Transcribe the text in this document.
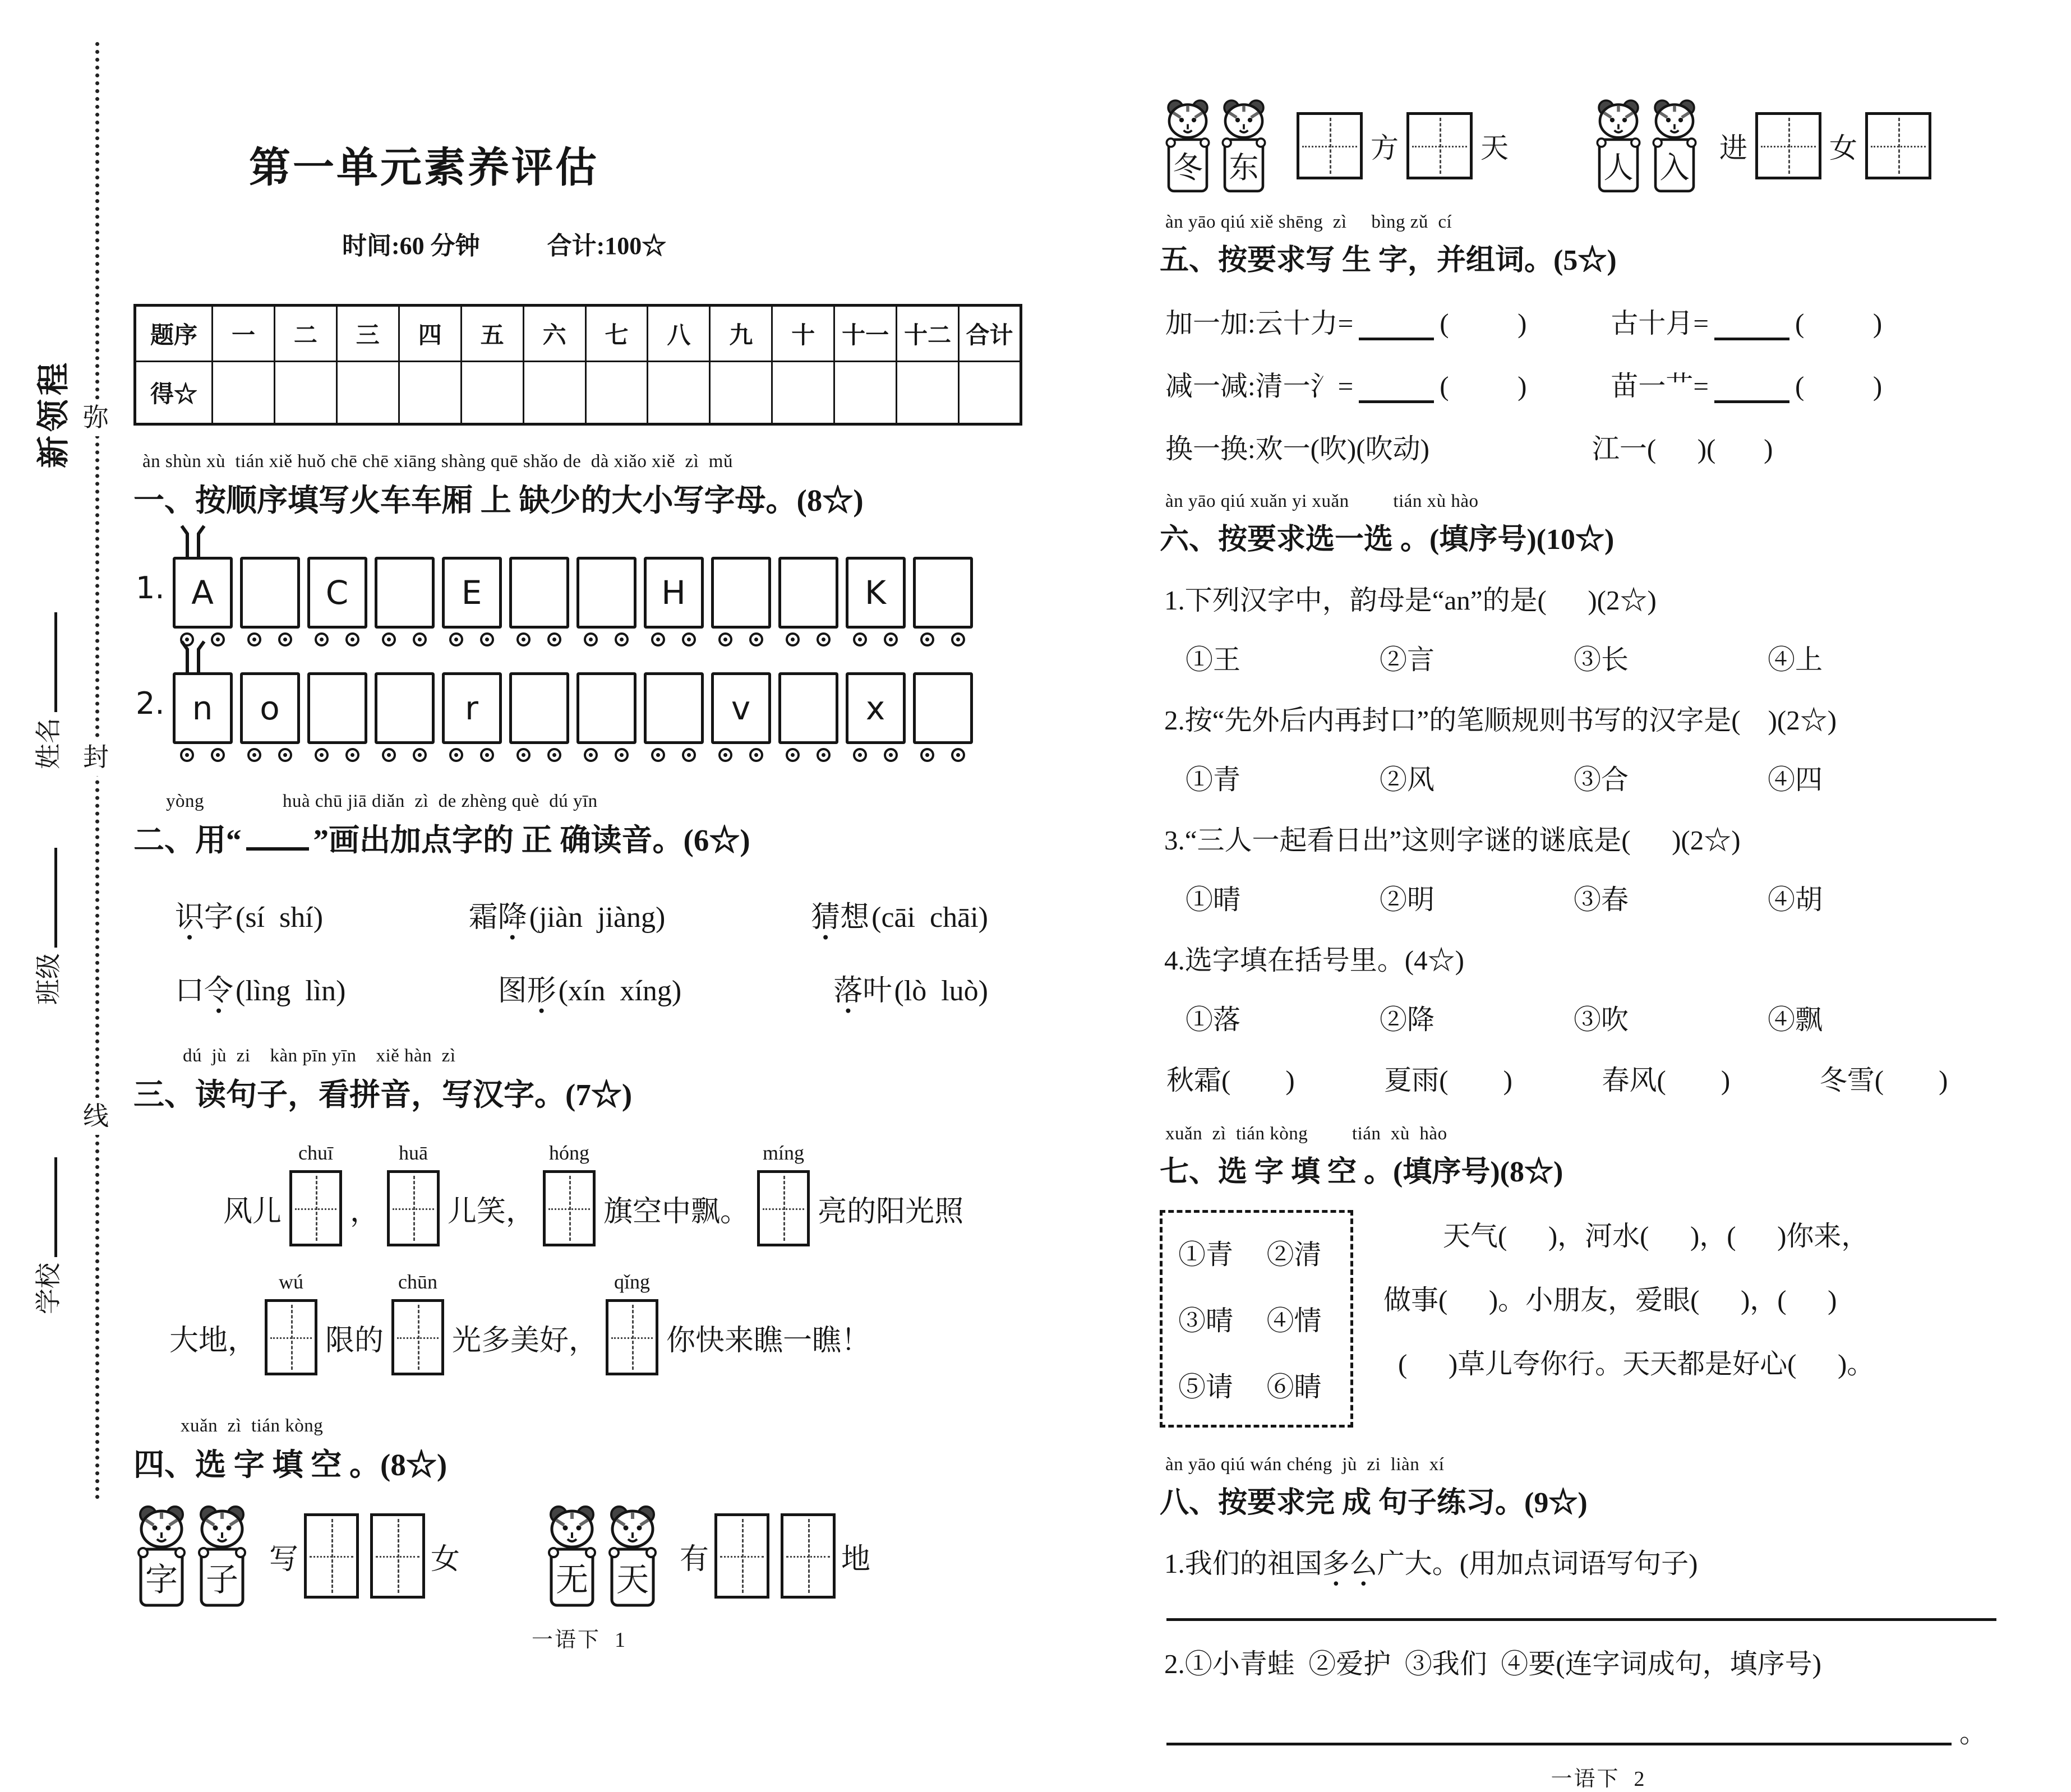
弥
封
线
新领程
姓名
班级
学校
第一单元素养评估
时间:60 分钟	合计:100☆
题序	一	二	三	四	五	六	七	八	九	十	十一	十二	合计
得☆													
àn shùn xù  tián xiě huǒ chē chē xiāng shàng quē shǎo de  dà xiǎo xiě  zì  mǔ
一、按顺序填写火车车厢 上 缺少的大小写字母。(8☆)
1. A	C	E	H	K
2. n	o	r	v	x
yòng                huà chū jiā diǎn  zì  de zhèng què  dú yīn
二、用“ ”画出加点字的 正 确读音。(6☆)
识 ●字(sí  shí)	霜降 ●(jiàn  jiàng)	猜 ●想(cāi  chāi)
口令 ●(lìng  lìn)	图形 ●(xín  xíng)	落 ●叶(lò  luò)
dú  jù  zi    kàn pīn yīn    xiě hàn  zì
三、读句子，看拼音，写汉字。(7☆)
风儿
chuī
，
huā
儿笑，
hóng
旗空中飘。
míng
亮的阳光照
大地，
wú
限的
chūn
光多美好，
qǐng
你快来瞧一瞧！
xuǎn  zì  tián kòng
四、选 字 填 空 。(8☆)
字 子
写	女
无 天
有	地
一语下  1
冬 东
方	天
人 入
进	女
àn yāo qiú xiě shēng  zì     bìng zǔ  cí
五、按要求写 生 字，并组词。(5☆)
加一加:云十力=	(          )	古十月=	(          )
减一减:清一氵=	(          )	苗一艹=	(          )
换一换:欢一(吹)(吹动)	江一(      )(       )
àn yāo qiú xuǎn yi xuǎn         tián xù hào
六、按要求选一选 。(填序号)(10☆)
1.下列汉字中，韵母是“an”的是(      )(2☆)
①王	②言	③长	④上
2.按“先外后内再封口”的笔顺规则书写的汉字是(    )(2☆)
①青	②风	③合	④四
3.“三人一起看日出”这则字谜的谜底是(      )(2☆)
①晴	②明	③春	④胡
4.选字填在括号里。(4☆)
①落	②降	③吹	④飘
秋霜(        )	夏雨(        )	春风(        )	冬雪(        )
xuǎn  zì  tián kòng         tián  xù  hào
七、选 字 填 空 。(填序号)(8☆)
①青	②清
③晴	④情
⑤请	⑥睛
天气(      )，河水(      )，(      )你来，
做事(      )。小朋友，爱眼(      )，(      )
(      )草儿夸你行。天天都是好心(      )。
àn yāo qiú wán chéng  jù  zi  liàn  xí
八、按要求完 成 句子练习。(9☆)
1.我们的祖国多 ●么 ●广大。(用加点词语写句子)
2.①小青蛙  ②爱护  ③我们  ④要(连字词成句，填序号)
。
一语下  2
